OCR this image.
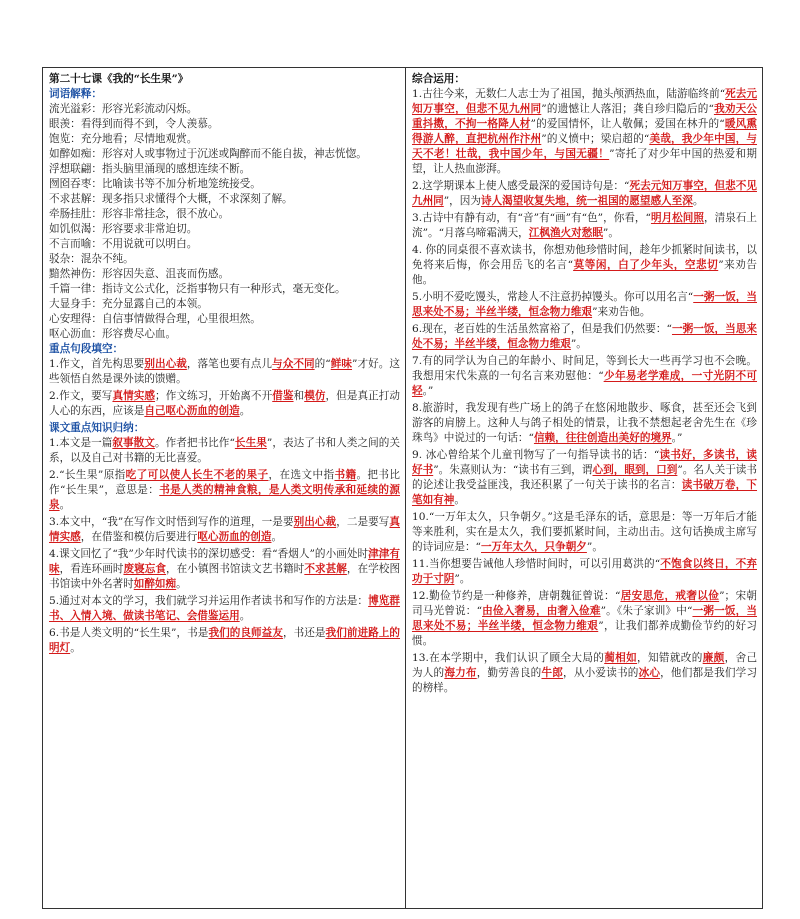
第二十七课《我的“长生果”》
词语解释：
流光溢彩：形容光彩流动闪烁。
眼羡：看得到而得不到，令人羡慕。
饱览：充分地看；尽情地观赏。
如醉如痴：形容对人或事物过于沉迷或陶醉而不能自拔，神志恍惚。
浮想联翩：指头脑里涌现的感想连续不断。
囫囵吞枣：比喻读书等不加分析地笼统接受。
不求甚解：现多指只求懂得个大概，不求深刻了解。
牵肠挂肚：形容非常挂念，很不放心。
如饥似渴：形容要求非常迫切。
不言而喻：不用说就可以明白。
驳杂：混杂不纯。
黯然神伤：形容因失意、沮丧而伤感。
千篇一律：指诗文公式化，泛指事物只有一种形式，毫无变化。
大显身手：充分显露自己的本领。
心安理得：自信事情做得合理，心里很坦然。
呕心沥血：形容费尽心血。
重点句段填空：
1.作文，首先构思要别出心裁，落笔也要有点儿与众不同的“鲜味”才好。这些领悟自然是课外读的馈赠。
2.作文，要写真情实感；作文练习，开始离不开借鉴和模仿，但是真正打动人心的东西，应该是自己呕心沥血的创造。
课文重点知识归纳：
1.本文是一篇叙事散文。作者把书比作“长生果”，表达了书和人类之间的关系，以及自己对书籍的无比喜爱。
2.“长生果”原指吃了可以使人长生不老的果子，在选文中指书籍。把书比作“长生果”，意思是：书是人类的精神食粮，是人类文明传承和延续的源泉。
3.本文中，“我”在写作文时悟到写作的道理，一是要别出心裁，二是要写真情实感，在借鉴和模仿后要进行呕心沥血的创造。
4.课文回忆了“我”少年时代读书的深切感受：看“香烟人”的小画处时津津有味，看连环画时废寝忘食，在小镇图书馆读文艺书籍时不求甚解，在学校图书馆读中外名著时如醉如痴。
5.通过对本文的学习，我们就学习并运用作者读书和写作的方法是：博览群书、入情入境、做读书笔记、会借鉴运用。
6.书是人类文明的“长生果”，书是我们的良师益友，书还是我们前进路上的明灯。
综合运用：
1.古往今来，无数仁人志士为了祖国，抛头颅洒热血，陆游临终前“死去元知万事空，但悲不见九州同”的遗憾让人落泪；龚自珍归隐后的“我劝天公重抖擞，不拘一格降人材”的爱国情怀，让人敬佩；爱国在林升的“暖风熏得游人醉，直把杭州作汴州”的义愤中；梁启超的“美哉，我少年中国，与天不老！壮哉，我中国少年，与国无疆！”寄托了对少年中国的热爱和期望，让人热血澎湃。
2.这学期课本上使人感受最深的爱国诗句是：“死去元知万事空，但悲不见九州同”，因为诗人渴望收复失地，统一祖国的愿望感人至深。
3.古诗中有静有动，有“音”有“画”有“色”，你看，“明月松间照，清泉石上流”。“月落乌啼霜满天，江枫渔火对愁眠”。
4. 你的同桌很不喜欢读书，你想劝他珍惜时间，趁年少抓紧时间读书，以免将来后悔，你会用岳飞的名言“莫等闲，白了少年头，空悲切”来劝告他。
5.小明不爱吃馒头，常趁人不注意扔掉馒头。你可以用名言“一粥一饭，当思来处不易；半丝半缕，恒念物力维艰”来劝告他。
6.现在，老百姓的生活虽然富裕了，但是我们仍然要：“一粥一饭，当思来处不易；半丝半缕，恒念物力维艰”。
7.有的同学认为自己的年龄小、时间足，等到长大一些再学习也不会晚。我想用宋代朱熹的一句名言来劝慰他：“少年易老学难成，一寸光阴不可轻。”
8.旅游时，我发现有些广场上的鸽子在悠闲地散步、啄食，甚至还会飞到游客的肩膀上。这种人与鸽子相处的情景，让我不禁想起老舍先生在《珍珠鸟》中说过的一句话：“信赖，往往创造出美好的境界。”
9. 冰心曾给某个儿童刊物写了一句指导读书的话：“读书好，多读书，读好书”。朱熹则认为：“读书有三到，谓心到，眼到，口到”。名人关于读书的论述让我受益匪浅，我还积累了一句关于读书的名言：读书破万卷，下笔如有神。
10.“一万年太久，只争朝夕。”这是毛泽东的话，意思是：等一万年后才能等来胜利，实在是太久，我们要抓紧时间，主动出击。这句话换成主席写的诗词应是：“一万年太久，只争朝夕”。
11.当你想要告诫他人珍惜时间时，可以引用葛洪的“不饱食以终日，不弃功于寸阴”。
12.勤俭节约是一种修养，唐朝魏征曾说：“居安思危，戒奢以俭”；宋朝司马光曾说：“由俭入奢易，由奢入俭难”。《朱子家训》中“一粥一饭，当思来处不易；半丝半缕，恒念物力维艰”，让我们都养成勤俭节约的好习惯。
13.在本学期中，我们认识了顾全大局的蔺相如，知错就改的廉颇，舍己为人的海力布，勤劳善良的牛郎，从小爱读书的冰心，他们都是我们学习的榜样。
